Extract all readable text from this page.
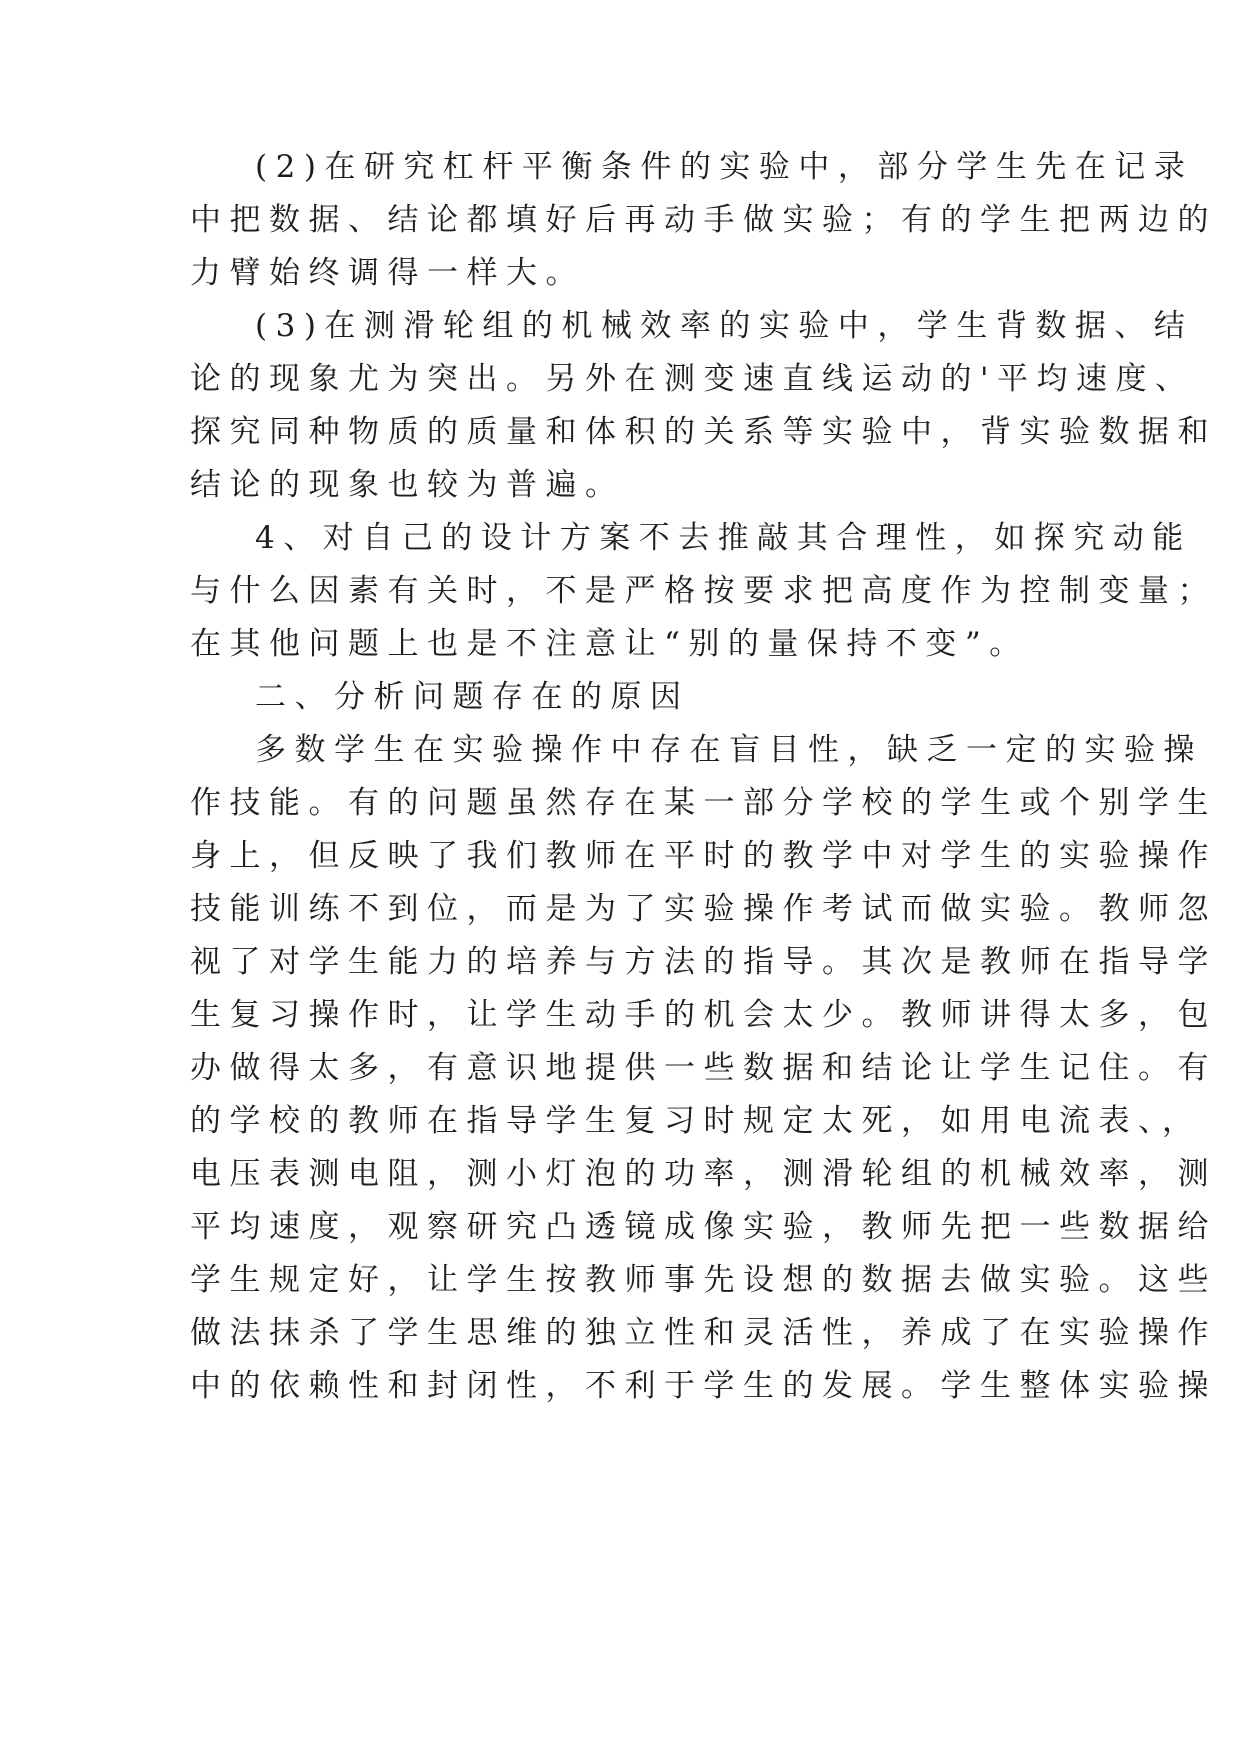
(2)在研究杠杆平衡条件的实验中，部分学生先在记录
中把数据、结论都填好后再动手做实验；有的学生把两边的
力臂始终调得一样大。
(3)在测滑轮组的机械效率的实验中，学生背数据、结
论的现象尤为突出。另外在测变速直线运动的'平均速度、
探究同种物质的质量和体积的关系等实验中，背实验数据和
结论的现象也较为普遍。
4、对自己的设计方案不去推敲其合理性，如探究动能
与什么因素有关时，不是严格按要求把高度作为控制变量；
在其他问题上也是不注意让“别的量保持不变”。
二、分析问题存在的原因
多数学生在实验操作中存在盲目性，缺乏一定的实验操
作技能。有的问题虽然存在某一部分学校的学生或个别学生
身上，但反映了我们教师在平时的教学中对学生的实验操作
技能训练不到位，而是为了实验操作考试而做实验。教师忽
视了对学生能力的培养与方法的指导。其次是教师在指导学
生复习操作时，让学生动手的机会太少。教师讲得太多，包
办做得太多，有意识地提供一些数据和结论让学生记住。有
的学校的教师在指导学生复习时规定太死，如用电流表、，
电压表测电阻，测小灯泡的功率，测滑轮组的机械效率，测
平均速度，观察研究凸透镜成像实验，教师先把一些数据给
学生规定好，让学生按教师事先设想的数据去做实验。这些
做法抹杀了学生思维的独立性和灵活性，养成了在实验操作
中的依赖性和封闭性，不利于学生的发展。学生整体实验操
